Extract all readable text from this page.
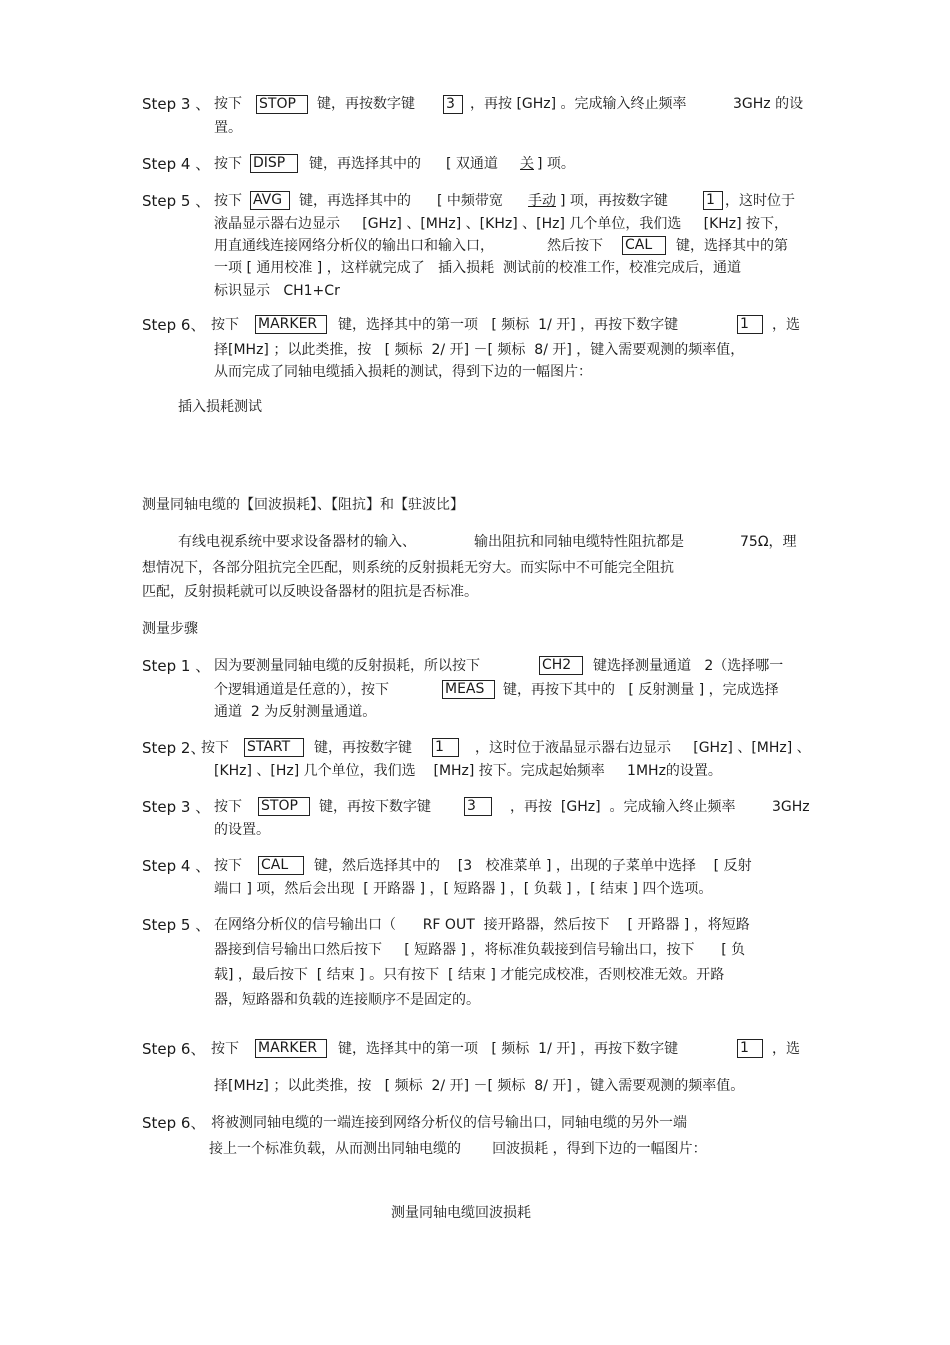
Step 3 、 按下 STOP	键，再按数字键 3	，再按 [GHz] 。完成输入终止频率	3GHz 的设
置。
Step 4 、 按下 DISP	键，再选择其中的 [ 双通道 关 ] 项。
Step 5 、 按下 AVG	键，再选择其中的 [ 中频带宽 手动 ] 项，再按数字键	1 ，这时位于
液晶显示器右边显示     [GHz] 、[MHz] 、[KHz] 、[Hz] 几个单位，我们选     [KHz] 按下，
用直通线连接网络分析仪的输出口和输入口，	然后按下 CAL	键，选择其中的第
一项 [ 通用校准 ] ，这样就完成了   插入损耗  测试前的校准工作，校准完成后，通道
标识显示   CH1+Cr
Step 6、 按下 MARKER	键，选择其中的第一项   [ 频标  1/ 开] ，再按下数字键	1	，选
择[MHz] ；以此类推，按   [ 频标  2/ 开] －[ 频标  8/ 开] ，键入需要观测的频率值，
从而完成了同轴电缆插入损耗的测试，得到下边的一幅图片：
插入损耗测试
测量同轴电缆的【回波损耗】、【阻抗】和【驻波比】
有线电视系统中要求设备器材的输入、	输出阻抗和同轴电缆特性阻抗都是	75Ω，理
想情况下，各部分阻抗完全匹配，则系统的反射损耗无穷大。而实际中不可能完全阻抗
匹配，反射损耗就可以反映设备器材的阻抗是否标准。
测量步骤
Step 1 、 因为要测量同轴电缆的反射损耗，所以按下	CH2	键选择测量通道   2（选择哪一
个逻辑通道是任意的），按下	MEAS	键，再按下其中的   [ 反射测量 ] ，完成选择
通道  2 为反射测量通道。
Step 2、
按下 START	键，再按数字键 1	，这时位于液晶显示器右边显示     [GHz] 、[MHz] 、
[KHz] 、[Hz] 几个单位，我们选    [MHz] 按下。完成起始频率     1MHz的设置。
Step 3 、 按下 STOP	键，再按下数字键	3	，再按  [GHz]  。完成输入终止频率	3GHz
的设置。
Step 4 、 按下 CAL	键，然后选择其中的    [3   校准菜单 ] ，出现的子菜单中选择    [ 反射
端口 ] 项，然后会出现  [ 开路器 ] ，[ 短路器 ] ，[ 负载 ] ，[ 结束 ] 四个选项。
Step 5 、 在网络分析仪的信号输出口（      RF OUT  接开路器，然后按下    [ 开路器 ] ，将短路
器接到信号输出口然后按下     [ 短路器 ] ，将标准负载接到信号输出口，按下      [ 负
载] ，最后按下  [ 结束 ] 。只有按下  [ 结束 ] 才能完成校准，否则校准无效。开路
器，短路器和负载的连接顺序不是固定的。
Step 6、 按下 MARKER	键，选择其中的第一项   [ 频标  1/ 开] ，再按下数字键	1	，选
择[MHz] ；以此类推，按   [ 频标  2/ 开] －[ 频标  8/ 开] ，键入需要观测的频率值。
Step 6、 将被测同轴电缆的一端连接到网络分析仪的信号输出口，同轴电缆的另外一端
接上一个标准负载，从而测出同轴电缆的       回波损耗 ，得到下边的一幅图片：
测量同轴电缆回波损耗
